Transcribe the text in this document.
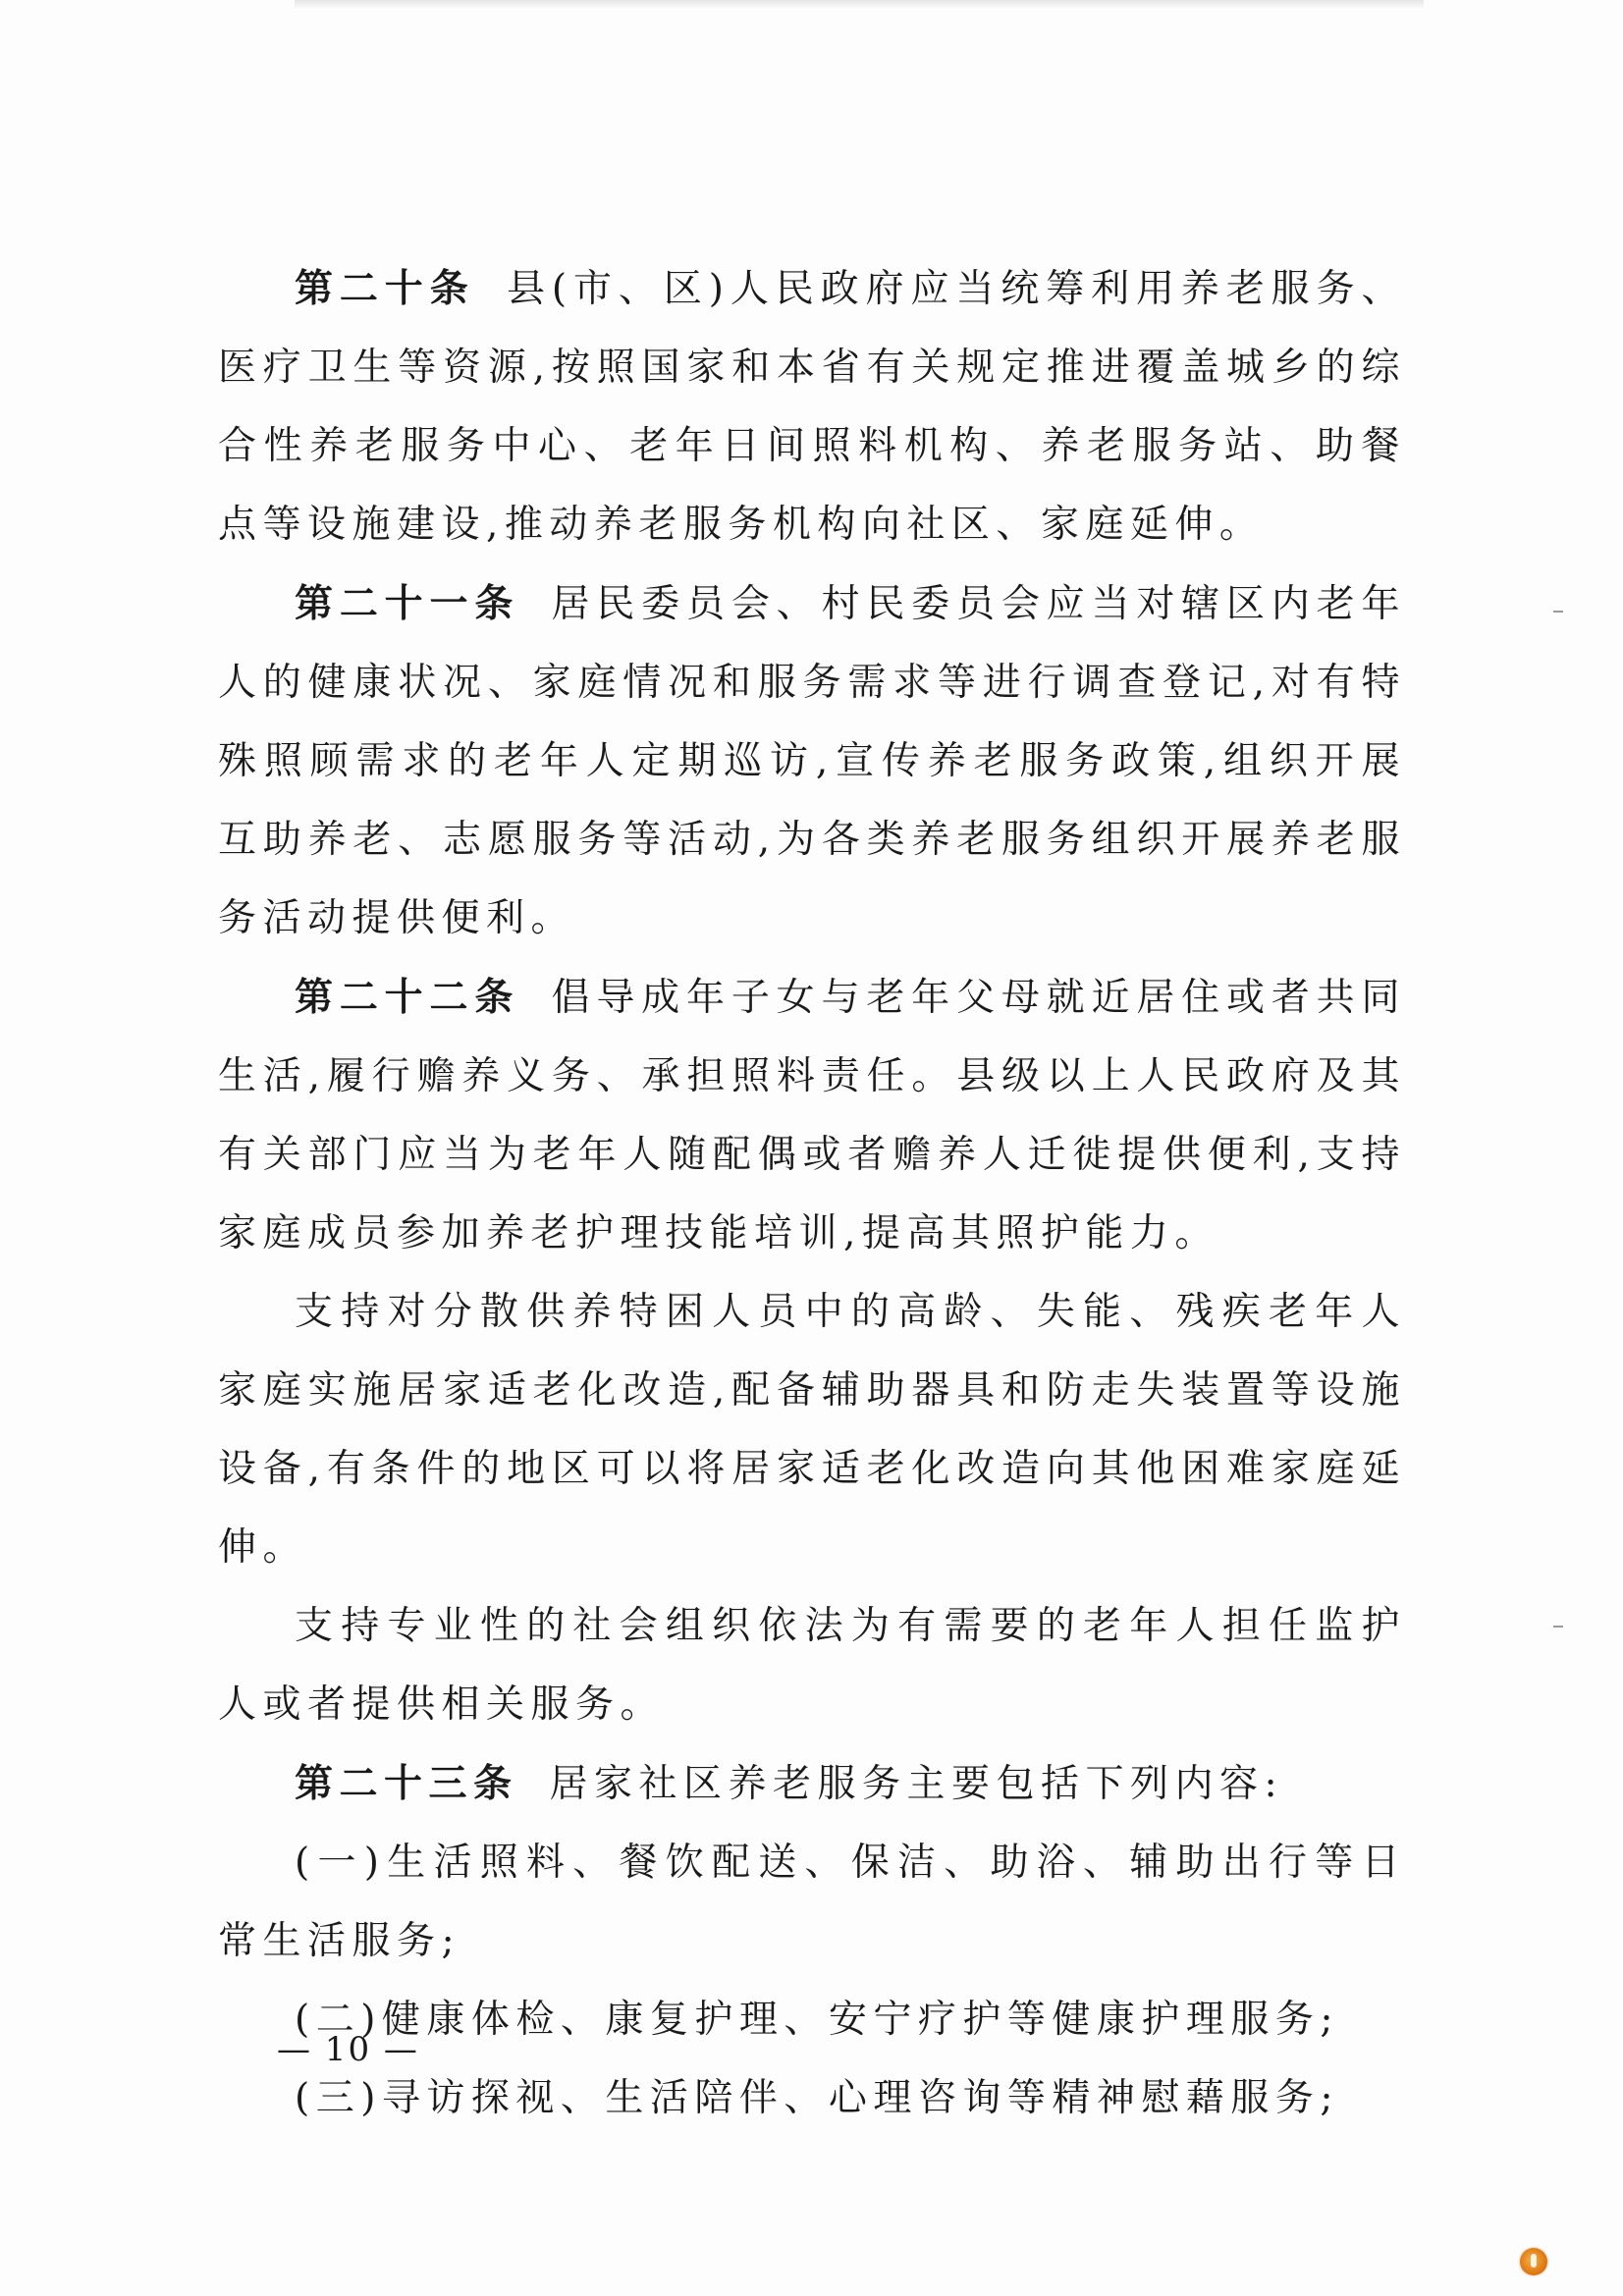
第二十条 县(市、区)人民政府应当统筹利用养老服务、医疗卫生等资源,按照国家和本省有关规定推进覆盖城乡的综合性养老服务中心、老年日间照料机构、养老服务站、助餐点等设施建设,推动养老服务机构向社区、家庭延伸。

第二十一条 居民委员会、村民委员会应当对辖区内老年人的健康状况、家庭情况和服务需求等进行调查登记,对有特殊照顾需求的老年人定期巡访,宣传养老服务政策,组织开展互助养老、志愿服务等活动,为各类养老服务组织开展养老服务活动提供便利。

第二十二条 倡导成年子女与老年父母就近居住或者共同生活,履行赡养义务、承担照料责任。县级以上人民政府及其有关部门应当为老年人随配偶或者赡养人迁徙提供便利,支持家庭成员参加养老护理技能培训,提高其照护能力。

支持对分散供养特困人员中的高龄、失能、残疾老年人家庭实施居家适老化改造,配备辅助器具和防走失装置等设施设备,有条件的地区可以将居家适老化改造向其他困难家庭延伸。

支持专业性的社会组织依法为有需要的老年人担任监护人或者提供相关服务。

第二十三条 居家社区养老服务主要包括下列内容:

(一)生活照料、餐饮配送、保洁、助浴、辅助出行等日常生活服务;

(二)健康体检、康复护理、安宁疗护等健康护理服务;

(三)寻访探视、生活陪伴、心理咨询等精神慰藉服务;

— 10 —
